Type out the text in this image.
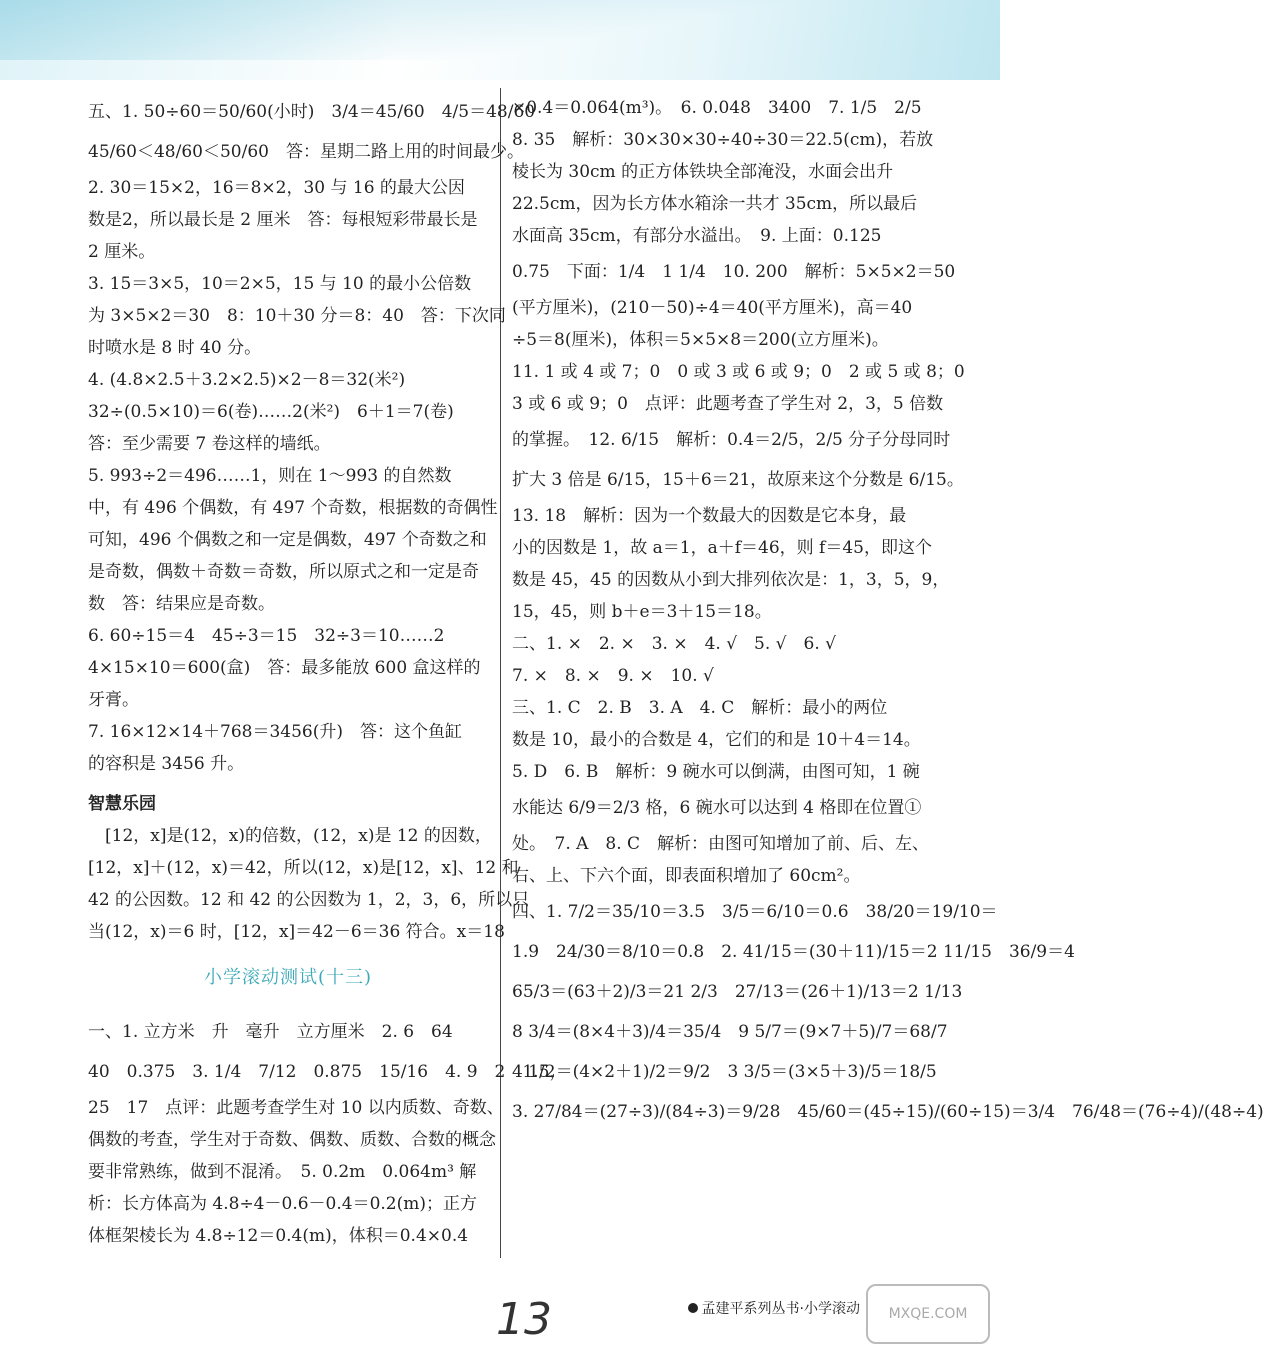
五、1. 50÷60＝50/60(小时)　3/4＝45/60　4/5＝48/60

45/60＜48/60＜50/60　答：星期二路上用的时间最少。

2. 30＝15×2，16＝8×2，30 与 16 的最大公因

数是2，所以最长是 2 厘米　答：每根短彩带最长是

2 厘米。

3. 15＝3×5，10＝2×5，15 与 10 的最小公倍数

为 3×5×2＝30　8：10＋30 分＝8：40　答：下次同

时喷水是 8 时 40 分。

4. (4.8×2.5＋3.2×2.5)×2－8＝32(米²)

32÷(0.5×10)＝6(卷)……2(米²)　6＋1＝7(卷)

答：至少需要 7 卷这样的墙纸。

5. 993÷2＝496……1，则在 1～993 的自然数

中，有 496 个偶数，有 497 个奇数，根据数的奇偶性

可知，496 个偶数之和一定是偶数，497 个奇数之和

是奇数，偶数＋奇数＝奇数，所以原式之和一定是奇

数　答：结果应是奇数。

6. 60÷15＝4　45÷3＝15　32÷3＝10……2

4×15×10＝600(盒)　答：最多能放 600 盒这样的

牙膏。

7. 16×12×14＋768＝3456(升)　答：这个鱼缸

的容积是 3456 升。

智慧乐园

　[12，x]是(12，x)的倍数，(12，x)是 12 的因数，

[12，x]＋(12，x)＝42，所以(12，x)是[12，x]、12 和

42 的公因数。12 和 42 的公因数为 1，2，3，6，所以只

当(12，x)＝6 时，[12，x]＝42－6＝36 符合。x＝18

小学滚动测试(十三)

一、1. 立方米　升　毫升　立方厘米　2. 6　64

40　0.375　3. 1/4　7/12　0.875　15/16　4. 9　2　1.5，

25　17　点评：此题考查学生对 10 以内质数、奇数、

偶数的考查，学生对于奇数、偶数、质数、合数的概念

要非常熟练，做到不混淆。　5. 0.2m　0.064m³ 解

析：长方体高为 4.8÷4－0.6－0.4＝0.2(m)；正方

体框架棱长为 4.8÷12＝0.4(m)，体积＝0.4×0.4

×0.4＝0.064(m³)。　6. 0.048　3400　7. 1/5　2/5

8. 35　解析：30×30×30÷40÷30＝22.5(cm)，若放

棱长为 30cm 的正方体铁块全部淹没，水面会出升

22.5cm，因为长方体水箱涂一共才 35cm，所以最后

水面高 35cm，有部分水溢出。　9. 上面：0.125

0.75　下面：1/4　1 1/4　10. 200　解析：5×5×2＝50

(平方厘米)，(210－50)÷4＝40(平方厘米)，高＝40

÷5＝8(厘米)，体积＝5×5×8＝200(立方厘米)。

11. 1 或 4 或 7；0　0 或 3 或 6 或 9；0　2 或 5 或 8；0

3 或 6 或 9；0　点评：此题考查了学生对 2，3，5 倍数

的掌握。　12. 6/15　解析：0.4＝2/5，2/5 分子分母同时

扩大 3 倍是 6/15，15＋6＝21，故原来这个分数是 6/15。

13. 18　解析：因为一个数最大的因数是它本身，最

小的因数是 1，故 a＝1，a＋f＝46，则 f＝45，即这个

数是 45，45 的因数从小到大排列依次是：1，3，5，9，

15，45，则 b＋e＝3＋15＝18。

二、1. ×　2. ×　3. ×　4. √　5. √　6. √

7. ×　8. ×　9. ×　10. √

三、1. C　2. B　3. A　4. C　解析：最小的两位

数是 10，最小的合数是 4，它们的和是 10＋4＝14。

5. D　6. B　解析：9 碗水可以倒满，由图可知，1 碗

水能达 6/9＝2/3 格，6 碗水可以达到 4 格即在位置①

处。　7. A　8. C　解析：由图可知增加了前、后、左、

右、上、下六个面，即表面积增加了 60cm²。

四、1. 7/2＝35/10＝3.5　3/5＝6/10＝0.6　38/20＝19/10＝

1.9　24/30＝8/10＝0.8　2. 41/15＝(30＋11)/15＝2 11/15　36/9＝4

65/3＝(63＋2)/3＝21 2/3　27/13＝(26＋1)/13＝2 1/13

8 3/4＝(8×4＋3)/4＝35/4　9 5/7＝(9×7＋5)/7＝68/7

4 1/2＝(4×2＋1)/2＝9/2　3 3/5＝(3×5＋3)/5＝18/5

3. 27/84＝(27÷3)/(84÷3)＝9/28　45/60＝(45÷15)/(60÷15)＝3/4　76/48＝(76÷4)/(48÷4)

13	孟建平系列丛书·小学滚动	MXQE.COM
